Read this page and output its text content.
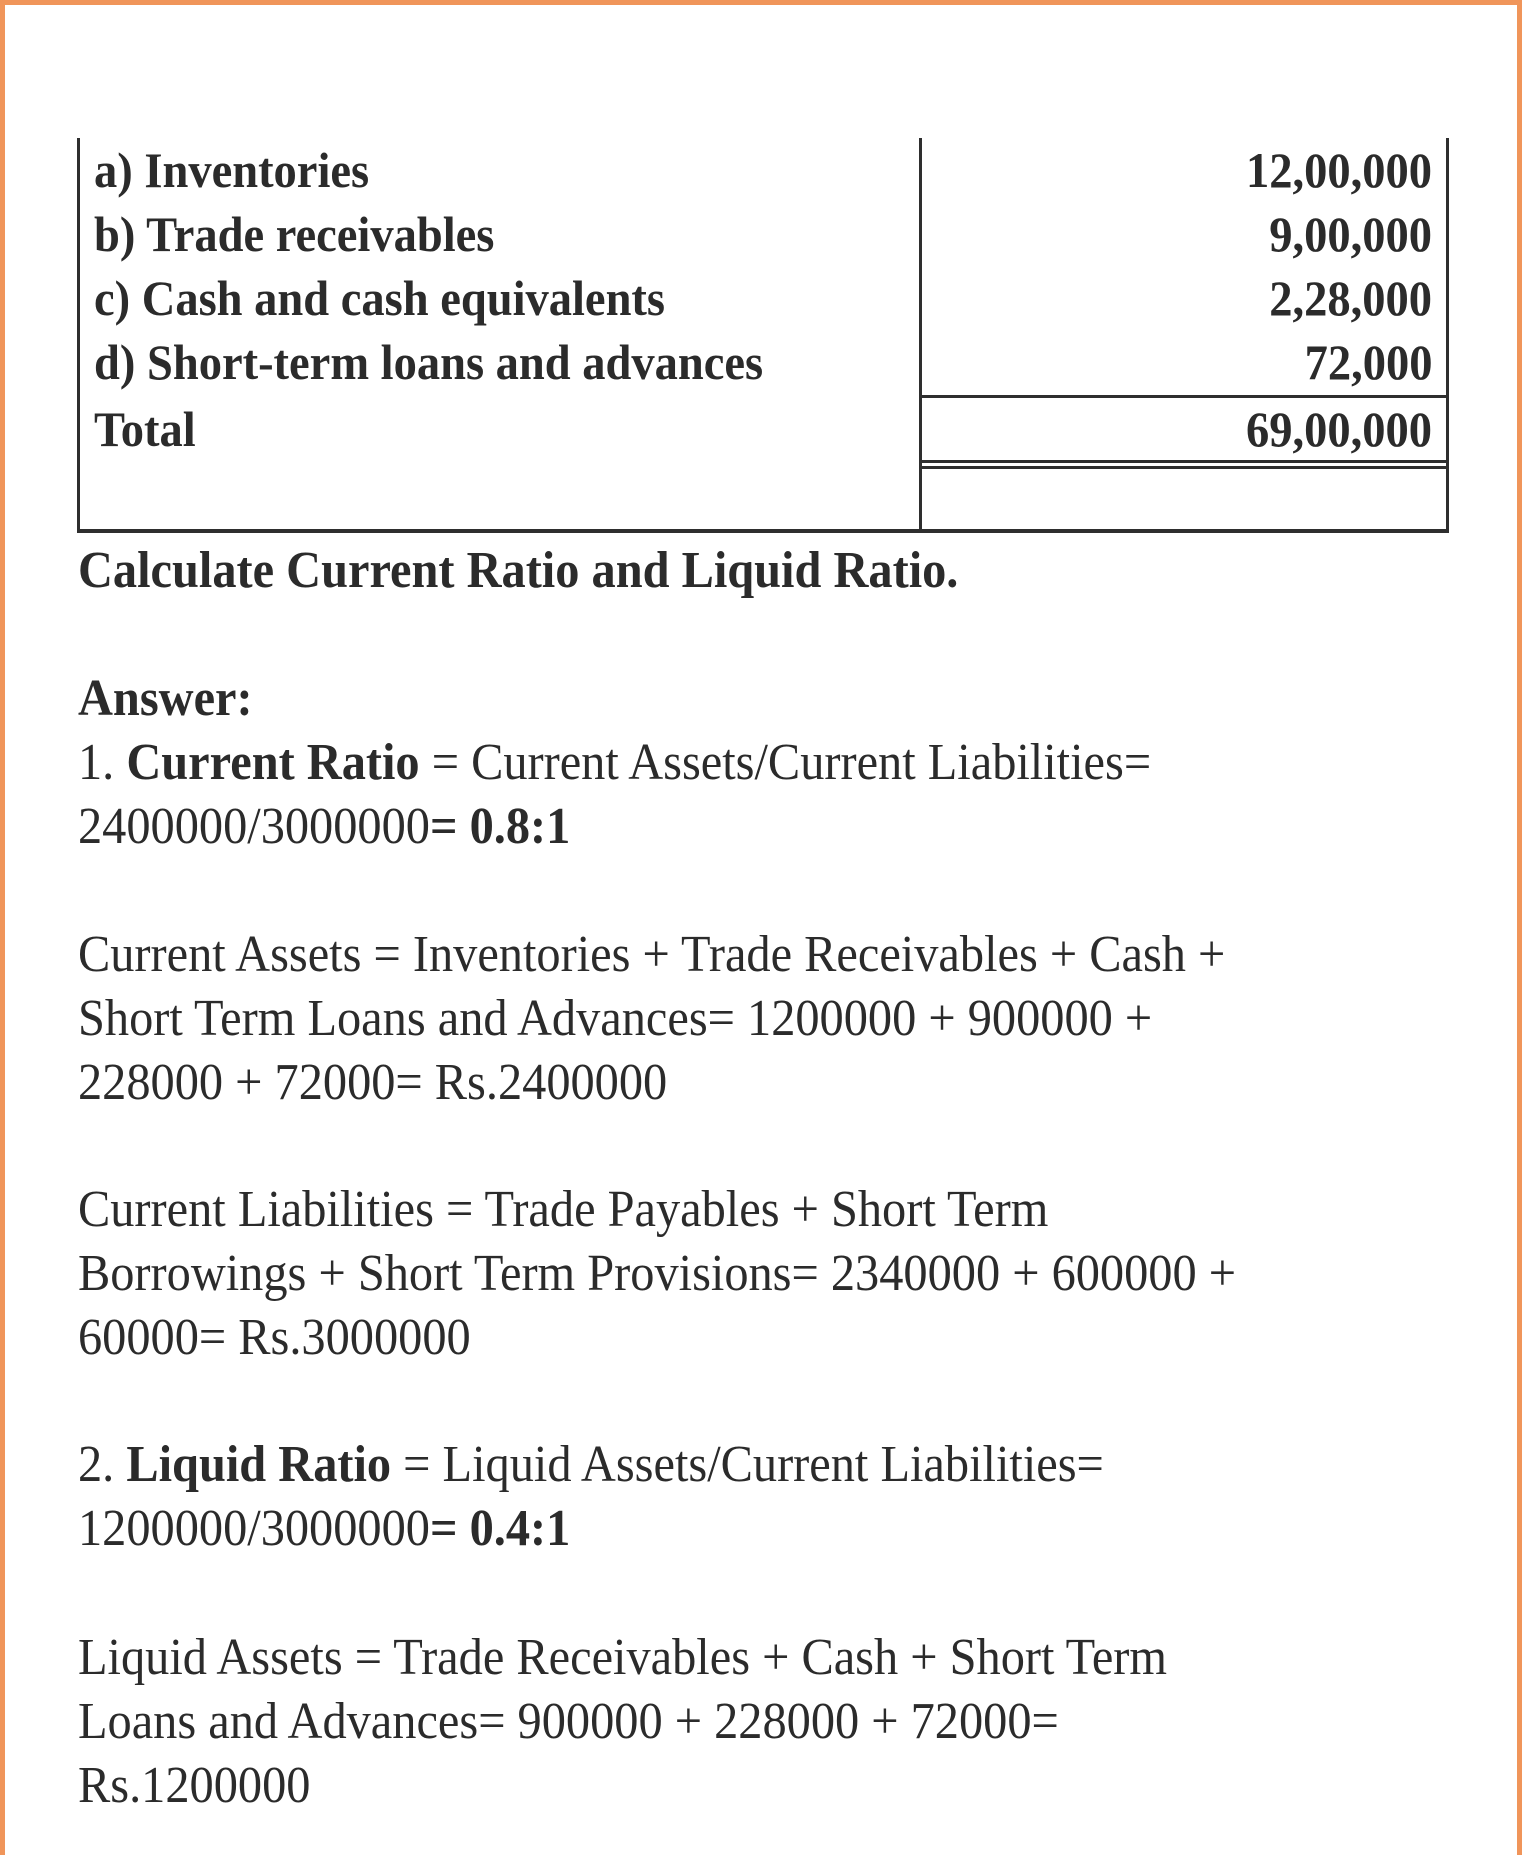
a) Inventories	12,00,000
b) Trade receivables	9,00,000
c) Cash and cash equivalents	2,28,000
d) Short-term loans and advances	72,000
Total	69,00,000
Calculate Current Ratio and Liquid Ratio.
Answer:
1. Current Ratio = Current Assets/Current Liabilities=
2400000/3000000= 0.8:1
Current Assets = Inventories + Trade Receivables + Cash +
Short Term Loans and Advances= 1200000 + 900000 +
228000 + 72000= Rs.2400000
Current Liabilities = Trade Payables + Short Term
Borrowings + Short Term Provisions= 2340000 + 600000 +
60000= Rs.3000000
2. Liquid Ratio = Liquid Assets/Current Liabilities=
1200000/3000000= 0.4:1
Liquid Assets = Trade Receivables + Cash + Short Term
Loans and Advances= 900000 + 228000 + 72000=
Rs.1200000
